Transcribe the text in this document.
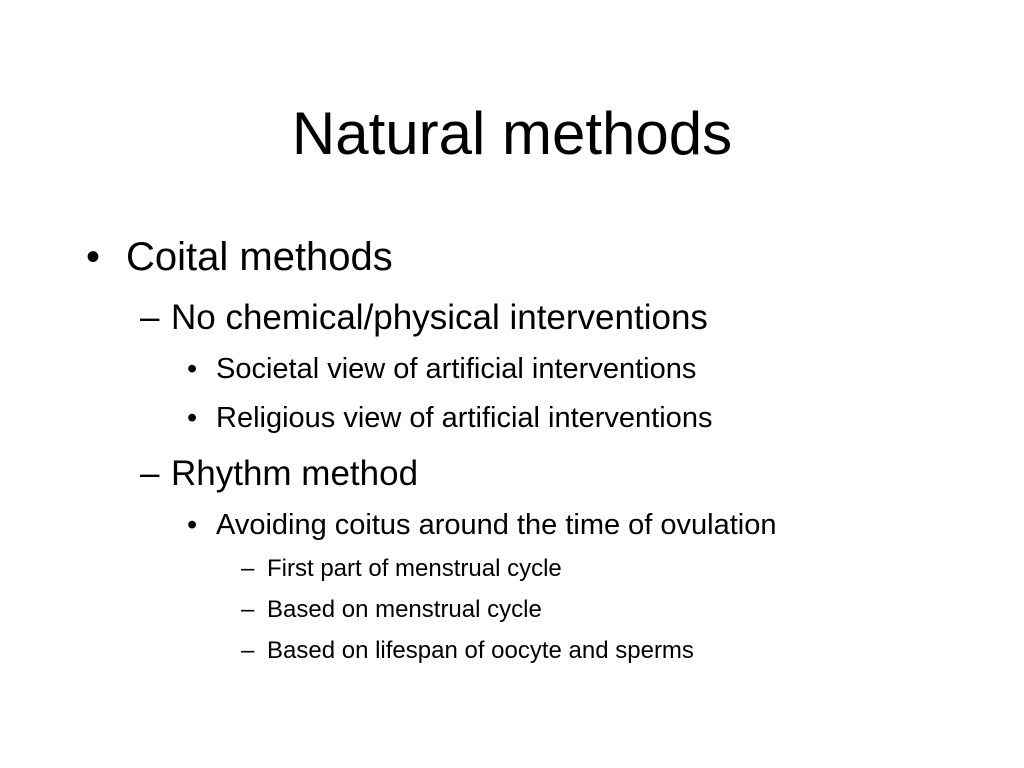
Natural methods
• Coital methods
– No chemical/physical interventions
• Societal view of artificial interventions
• Religious view of artificial interventions
– Rhythm method
• Avoiding coitus around the time of ovulation
– First part of menstrual cycle
– Based on menstrual cycle
– Based on lifespan of oocyte and sperms
